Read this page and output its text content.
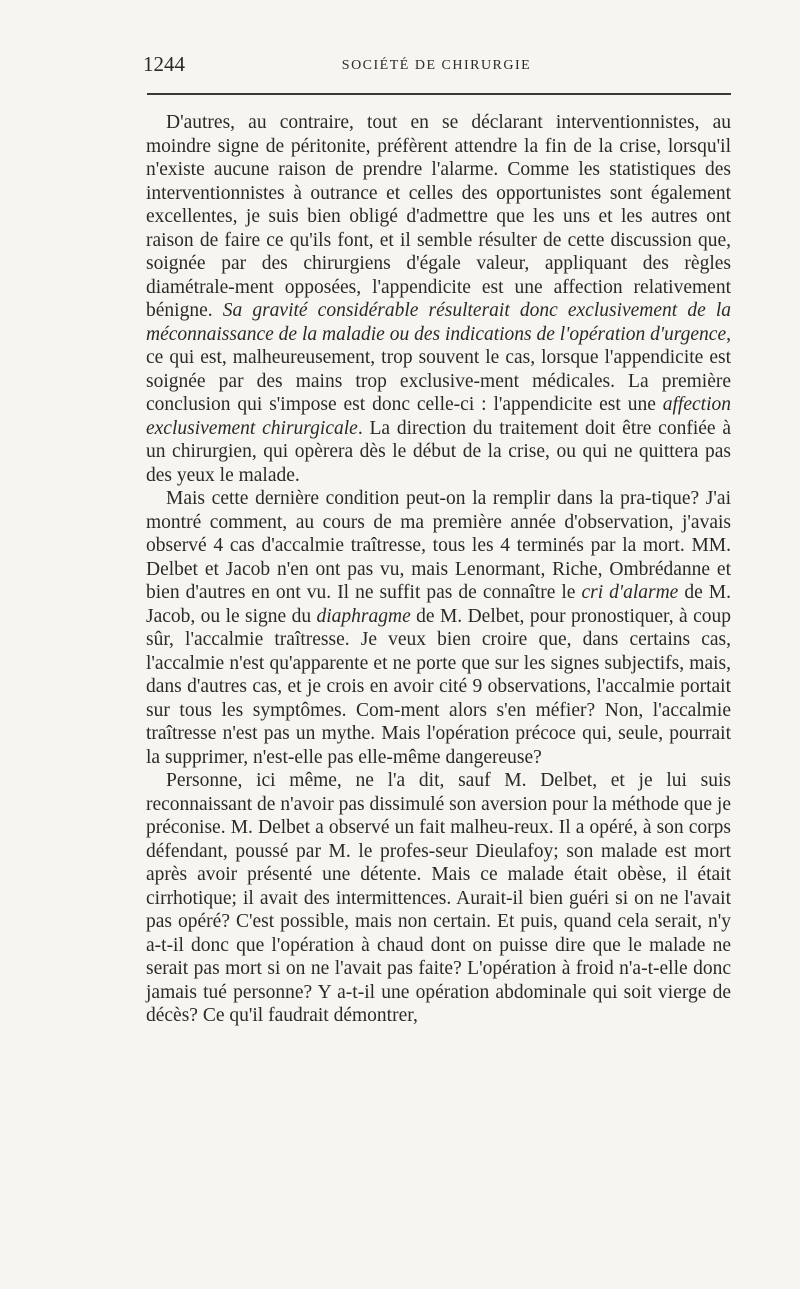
1244	SOCIÉTÉ DE CHIRURGIE

D'autres, au contraire, tout en se déclarant interventionnistes, au moindre signe de péritonite, préfèrent attendre la fin de la crise, lorsqu'il n'existe aucune raison de prendre l'alarme. Comme les statistiques des interventionnistes à outrance et celles des opportunistes sont également excellentes, je suis bien obligé d'admettre que les uns et les autres ont raison de faire ce qu'ils font, et il semble résulter de cette discussion que, soignée par des chirurgiens d'égale valeur, appliquant des règles diamétrale-ment opposées, l'appendicite est une affection relativement bénigne. Sa gravité considérable résulterait donc exclusivement de la méconnaissance de la maladie ou des indications de l'opération d'urgence, ce qui est, malheureusement, trop souvent le cas, lorsque l'appendicite est soignée par des mains trop exclusive-ment médicales. La première conclusion qui s'impose est donc celle-ci : l'appendicite est une affection exclusivement chirurgicale. La direction du traitement doit être confiée à un chirurgien, qui opèrera dès le début de la crise, ou qui ne quittera pas des yeux le malade.

Mais cette dernière condition peut-on la remplir dans la pra-tique? J'ai montré comment, au cours de ma première année d'observation, j'avais observé 4 cas d'accalmie traîtresse, tous les 4 terminés par la mort. MM. Delbet et Jacob n'en ont pas vu, mais Lenormant, Riche, Ombrédanne et bien d'autres en ont vu. Il ne suffit pas de connaître le cri d'alarme de M. Jacob, ou le signe du diaphragme de M. Delbet, pour pronostiquer, à coup sûr, l'accalmie traîtresse. Je veux bien croire que, dans certains cas, l'accalmie n'est qu'apparente et ne porte que sur les signes subjectifs, mais, dans d'autres cas, et je crois en avoir cité 9 observations, l'accalmie portait sur tous les symptômes. Com-ment alors s'en méfier? Non, l'accalmie traîtresse n'est pas un mythe. Mais l'opération précoce qui, seule, pourrait la supprimer, n'est-elle pas elle-même dangereuse?

Personne, ici même, ne l'a dit, sauf M. Delbet, et je lui suis reconnaissant de n'avoir pas dissimulé son aversion pour la méthode que je préconise. M. Delbet a observé un fait malheu-reux. Il a opéré, à son corps défendant, poussé par M. le profes-seur Dieulafoy; son malade est mort après avoir présenté une détente. Mais ce malade était obèse, il était cirrhotique; il avait des intermittences. Aurait-il bien guéri si on ne l'avait pas opéré? C'est possible, mais non certain. Et puis, quand cela serait, n'y a-t-il donc que l'opération à chaud dont on puisse dire que le malade ne serait pas mort si on ne l'avait pas faite? L'opération à froid n'a-t-elle donc jamais tué personne? Y a-t-il une opération abdominale qui soit vierge de décès? Ce qu'il faudrait démontrer,
